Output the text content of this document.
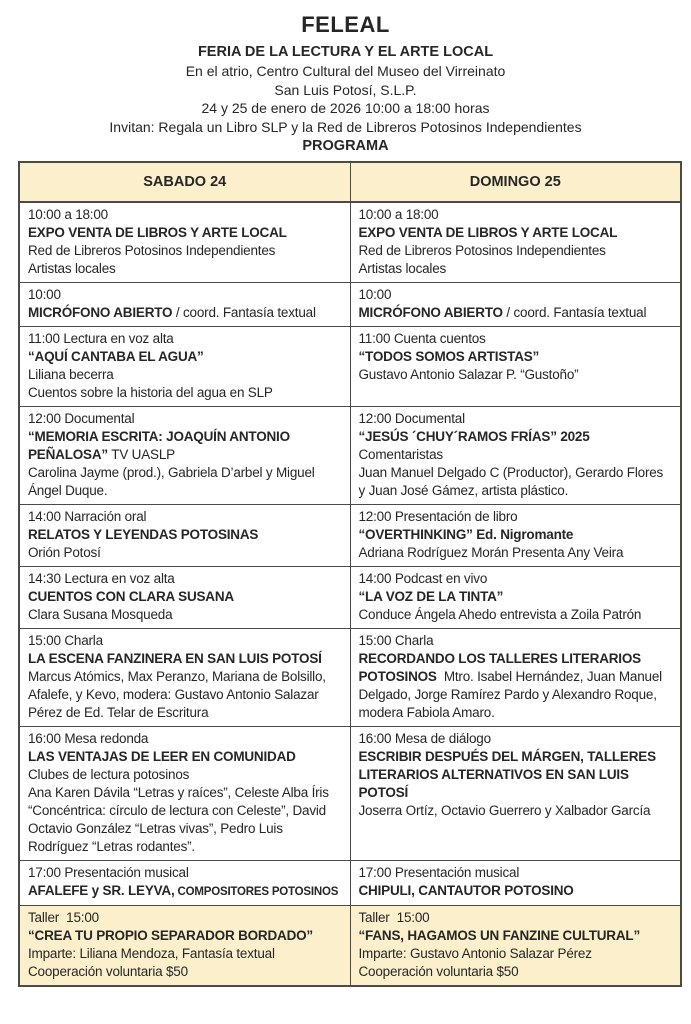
FELEAL
FERIA DE LA LECTURA Y EL ARTE LOCAL
En el atrio, Centro Cultural del Museo del Virreinato
San Luis Potosí, S.L.P.
24 y 25 de enero de 2026 10:00 a 18:00 horas
Invitan: Regala un Libro SLP y la Red de Libreros Potosinos Independientes
PROGRAMA
SABADO 24	DOMINGO 25
10:00 a 18:00
EXPO VENTA DE LIBROS Y ARTE LOCAL
Red de Libreros Potosinos Independientes
Artistas locales
10:00 a 18:00
EXPO VENTA DE LIBROS Y ARTE LOCAL
Red de Libreros Potosinos Independientes
Artistas locales
10:00
MICRÓFONO ABIERTO / coord. Fantasía textual
10:00
MICRÓFONO ABIERTO / coord. Fantasía textual
11:00 Lectura en voz alta
“AQUÍ CANTABA EL AGUA”
Liliana becerra
Cuentos sobre la historia del agua en SLP
11:00 Cuenta cuentos
“TODOS SOMOS ARTISTAS”
Gustavo Antonio Salazar P. “Gustoño”
12:00 Documental
“MEMORIA ESCRITA: JOAQUÍN ANTONIO PEÑALOSA” TV UASLP
Carolina Jayme (prod.), Gabriela D’arbel y Miguel Ángel Duque.
12:00 Documental
“JESÚS ´CHUY´RAMOS FRÍAS” 2025
Comentaristas
Juan Manuel Delgado C (Productor), Gerardo Flores y Juan José Gámez, artista plástico.
14:00 Narración oral
RELATOS Y LEYENDAS POTOSINAS
Orión Potosí
12:00 Presentación de libro
“OVERTHINKING” Ed. Nigromante
Adriana Rodríguez Morán Presenta Any Veira
14:30 Lectura en voz alta
CUENTOS CON CLARA SUSANA
Clara Susana Mosqueda
14:00 Podcast en vivo
“LA VOZ DE LA TINTA”
Conduce Ángela Ahedo entrevista a Zoila Patrón
15:00 Charla
LA ESCENA FANZINERA EN SAN LUIS POTOSÍ
Marcus Atómics, Max Peranzo, Mariana de Bolsillo, Afalefe, y Kevo, modera: Gustavo Antonio Salazar Pérez de Ed. Telar de Escritura
15:00 Charla
RECORDANDO LOS TALLERES LITERARIOS POTOSINOS  Mtro. Isabel Hernández, Juan Manuel Delgado, Jorge Ramírez Pardo y Alexandro Roque, modera Fabiola Amaro.
16:00 Mesa redonda
LAS VENTAJAS DE LEER EN COMUNIDAD
Clubes de lectura potosinos
Ana Karen Dávila “Letras y raíces”, Celeste Alba Íris “Concéntrica: círculo de lectura con Celeste”, David Octavio González “Letras vivas”, Pedro Luis Rodríguez “Letras rodantes”.
16:00 Mesa de diálogo
ESCRIBIR DESPUÉS DEL MÁRGEN, TALLERES LITERARIOS ALTERNATIVOS EN SAN LUIS POTOSÍ
Joserra Ortíz, Octavio Guerrero y Xalbador García
17:00 Presentación musical
AFALEFE y SR. LEYVA, COMPOSITORES POTOSINOS
17:00 Presentación musical
CHIPULI, CANTAUTOR POTOSINO
Taller  15:00
“CREA TU PROPIO SEPARADOR BORDADO”
Imparte: Liliana Mendoza, Fantasía textual
Cooperación voluntaria $50
Taller  15:00
“FANS, HAGAMOS UN FANZINE CULTURAL”
Imparte: Gustavo Antonio Salazar Pérez
Cooperación voluntaria $50
